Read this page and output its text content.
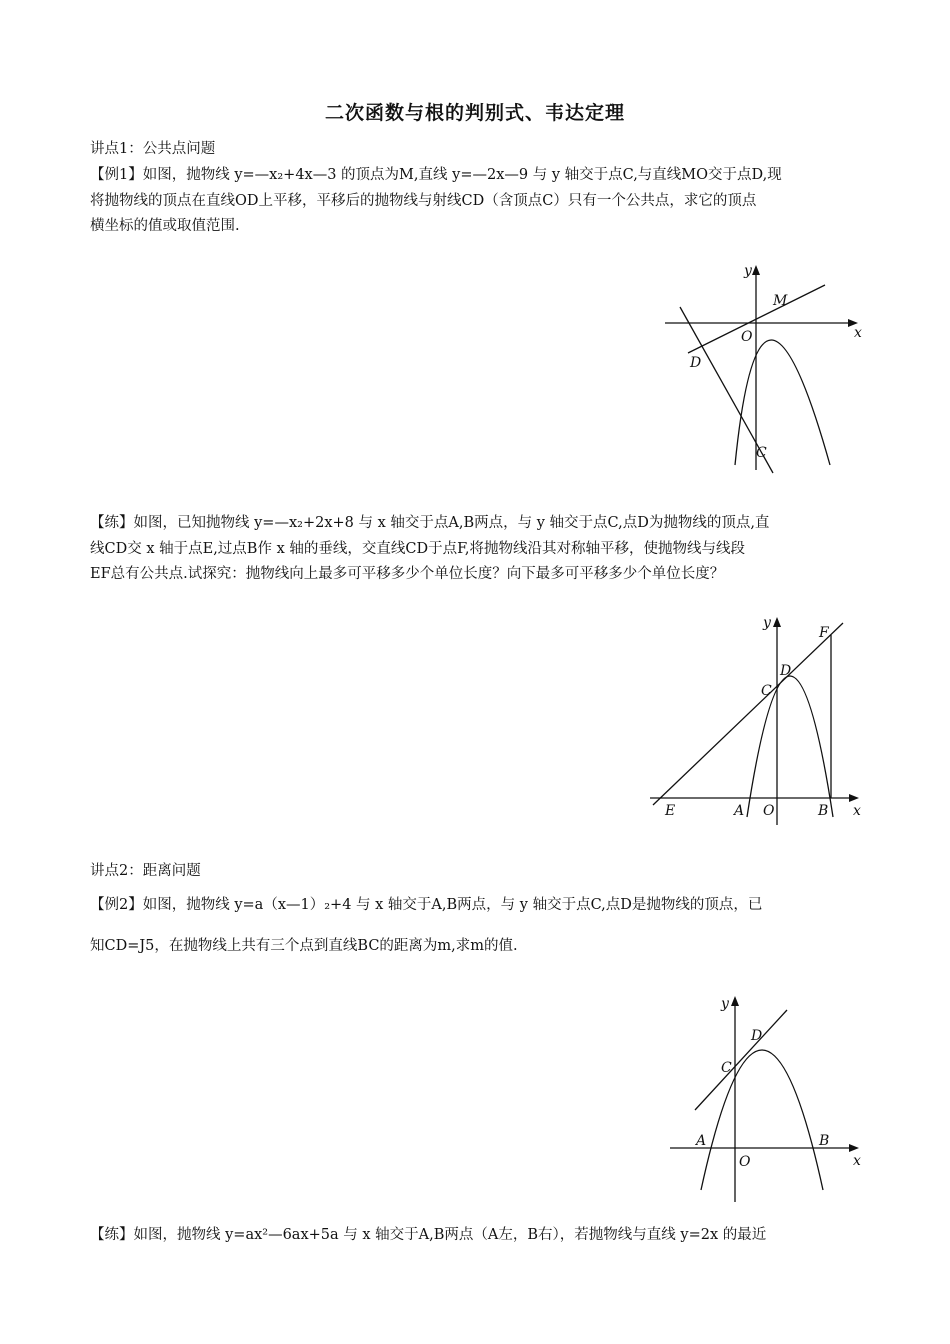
二次函数与根的判别式、韦达定理

讲点1：公共点问题

【例1】如图，抛物线 y=—x₂+4x—3 的顶点为M,直线 y=—2x—9 与 y 轴交于点C,与直线MO交于点D,现

将抛物线的顶点在直线OD上平移，平移后的抛物线与射线CD（含顶点C）只有一个公共点，求它的顶点

横坐标的值或取值范围.

y
x
M
O
D
C

【练】如图，已知抛物线 y=—x₂+2x+8 与 x 轴交于点A,B两点，与 y 轴交于点C,点D为抛物线的顶点,直

线CD交 x 轴于点E,过点B作 x 轴的垂线，交直线CD于点F,将抛物线沿其对称轴平移，使抛物线与线段

EF总有公共点.试探究：抛物线向上最多可平移多少个单位长度？向下最多可平移多少个单位长度？

y
x
F
D
C
E	A O	B

讲点2：距离问题

【例2】如图，抛物线 y=a（x—1）₂+4 与 x 轴交于A,B两点，与 y 轴交于点C,点D是抛物线的顶点，已

知CD=J5，在抛物线上共有三个点到直线BC的距离为m,求m的值.

y
x
D
C
A	B
O

【练】如图，抛物线 y=ax²—6ax+5a 与 x 轴交于A,B两点（A左，B右），若抛物线与直线 y=2x 的最近
